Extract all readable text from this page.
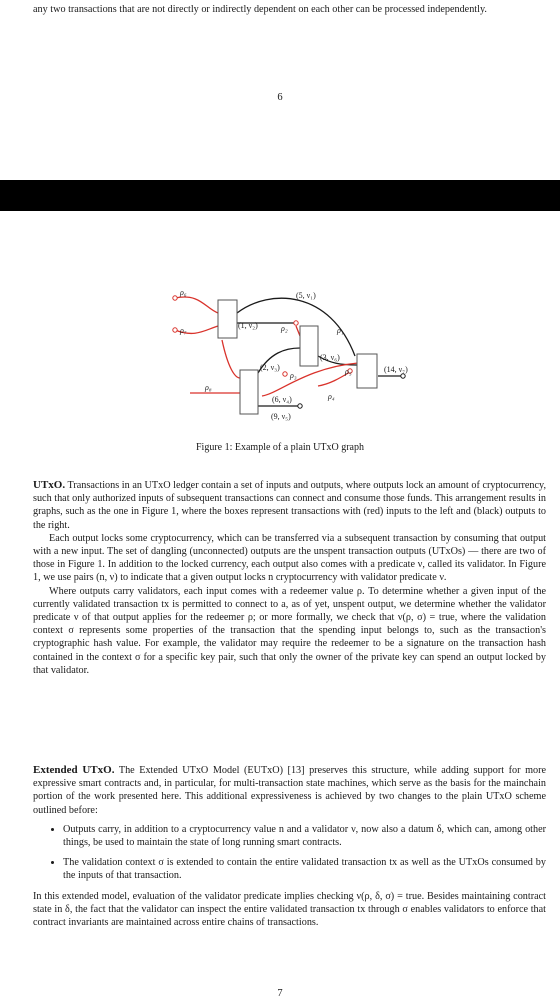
any two transactions that are not directly or indirectly dependent on each other can be processed independently.
6
ρ₆
ρ₇
ρ₈
ρ₁
ρ₂
ρ₃
ρ₄
ρ₅
(1, ν₂)
(2, ν₃)
(3, ν₆)
(5, ν₁)
(6, ν₄)
(9, ν₅)
(14, ν₇)
Figure 1: Example of a plain UTxO graph

UTxO. Transactions in an UTxO ledger contain a set of inputs and outputs, where outputs lock an amount of cryptocurrency, such that only authorized inputs of subsequent transactions can connect and consume those funds. This arrangement results in graphs, such as the one in Figure 1, where the boxes represent transactions with (red) inputs to the left and (black) outputs to the right.

Each output locks some cryptocurrency, which can be transferred via a subsequent transaction by consuming that output with a new input. The set of dangling (unconnected) outputs are the unspent transaction outputs (UTxOs) — there are two of those in Figure 1. In addition to the locked currency, each output also comes with a predicate ν, called its validator. In Figure 1, we use pairs (n, ν) to indicate that a given output locks n cryptocurrency with validator predicate ν.

Where outputs carry validators, each input comes with a redeemer value ρ. To determine whether a given input of the currently validated transaction tx is permitted to connect to a, as of yet, unspent output, we determine whether the validator predicate ν of that output applies for the redeemer ρ; or more formally, we check that ν(ρ, σ) = true, where the validation context σ represents some properties of the transaction that the spending input belongs to, such as the transaction's cryptographic hash value. For example, the validator may require the redeemer to be a signature on the transaction hash contained in the context σ for a specific key pair, such that only the owner of the private key can spend an output locked by that validator.

Extended UTxO. The Extended UTxO Model (EUTxO) [13] preserves this structure, while adding support for more expressive smart contracts and, in particular, for multi-transaction state machines, which serve as the basis for the mainchain portion of the work presented here. This additional expressiveness is achieved by two changes to the plain UTxO scheme outlined before:

• Outputs carry, in addition to a cryptocurrency value n and a validator ν, now also a datum δ, which can, among other things, be used to maintain the state of long running smart contracts.
• The validation context σ is extended to contain the entire validated transaction tx as well as the UTxOs consumed by the inputs of that transaction.

In this extended model, evaluation of the validator predicate implies checking ν(ρ, δ, σ) = true. Besides maintaining contract state in δ, the fact that the validator can inspect the entire validated transaction tx through σ enables validators to enforce that contract invariants are maintained across entire chains of transactions.

7
